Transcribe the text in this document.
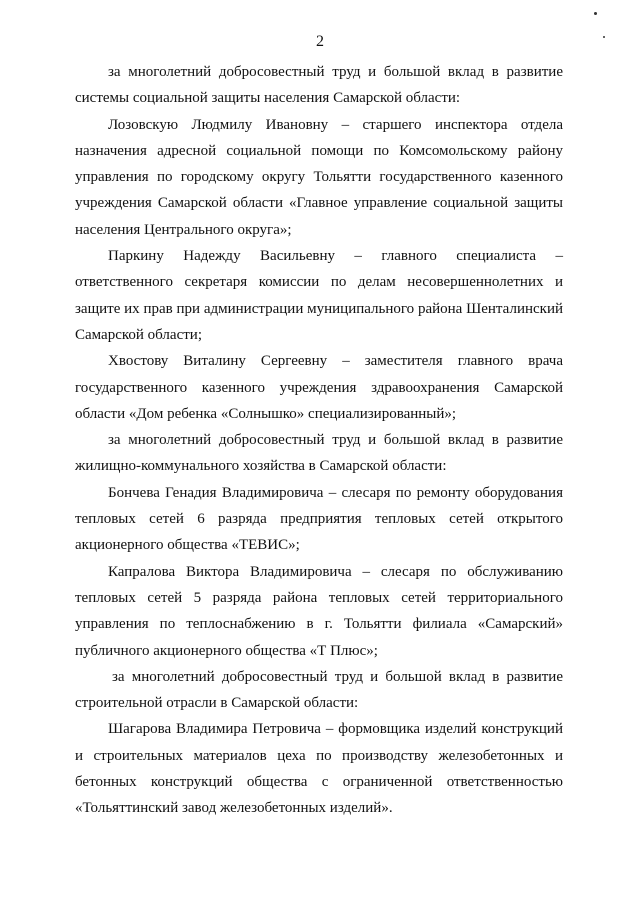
2

за многолетний добросовестный труд и большой вклад в развитие системы социальной защиты населения Самарской области:

Лозовскую Людмилу Ивановну – старшего инспектора отдела назначения адресной социальной помощи по Комсомольскому району управления по городскому округу Тольятти государственного казенного учреждения Самарской области «Главное управление социальной защиты населения Центрального округа»;

Паркину Надежду Васильевну – главного специалиста – ответственного секретаря комиссии по делам несовершеннолетних и защите их прав при администрации муниципального района Шенталинский Самарской области;

Хвостову Виталину Сергеевну – заместителя главного врача государственного казенного учреждения здравоохранения Самарской области «Дом ребенка «Солнышко» специализированный»;

за многолетний добросовестный труд и большой вклад в развитие жилищно-коммунального хозяйства в Самарской области:

Бончева Генадия Владимировича – слесаря по ремонту оборудования тепловых сетей 6 разряда предприятия тепловых сетей открытого акционерного общества «ТЕВИС»;

Капралова Виктора Владимировича – слесаря по обслуживанию тепловых сетей 5 разряда района тепловых сетей территориального управления по теплоснабжению в г. Тольятти филиала «Самарский» публичного акционерного общества «Т Плюс»;

за многолетний добросовестный труд и большой вклад в развитие строительной отрасли в Самарской области:

Шагарова Владимира Петровича – формовщика изделий конструкций и строительных материалов цеха по производству железобетонных и бетонных конструкций общества с ограниченной ответственностью «Тольяттинский завод железобетонных изделий».
